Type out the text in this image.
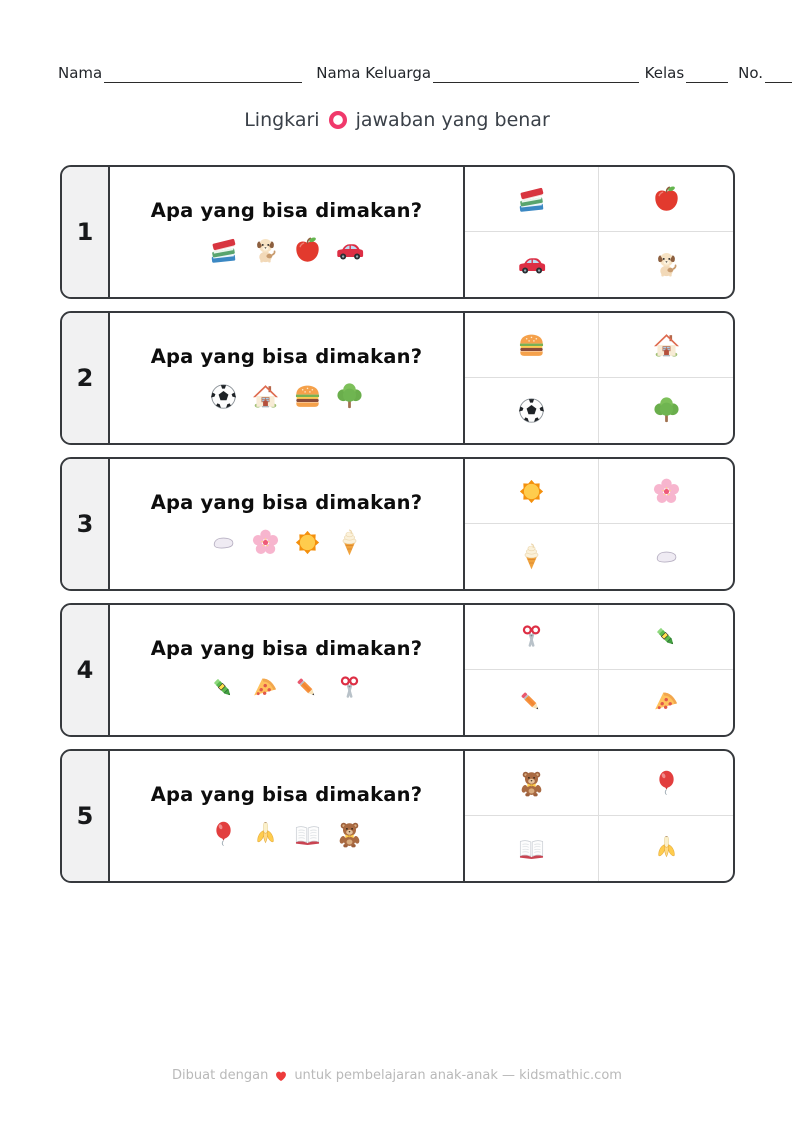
Nama	Nama Keluarga	Kelas	No.
Lingkari jawaban yang benar
1
Apa yang bisa dimakan?
2
Apa yang bisa dimakan?
3
Apa yang bisa dimakan?
4
Apa yang bisa dimakan?
5
Apa yang bisa dimakan?
Dibuat dengan untuk pembelajaran anak-anak — kidsmathic.com
